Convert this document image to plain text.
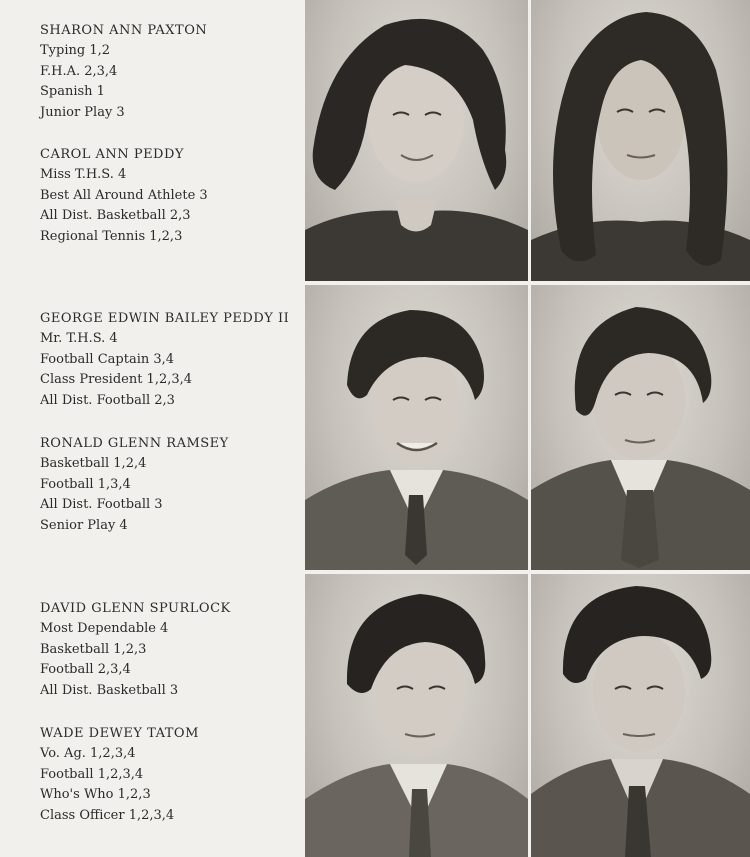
SHARON ANN PAXTON
Typing 1,2
F.H.A. 2,3,4
Spanish 1
Junior Play 3
CAROL ANN PEDDY
Miss T.H.S. 4
Best All Around Athlete 3
All Dist. Basketball 2,3
Regional Tennis 1,2,3
GEORGE EDWIN BAILEY PEDDY II
Mr. T.H.S. 4
Football Captain 3,4
Class President 1,2,3,4
All Dist. Football 2,3
RONALD GLENN RAMSEY
Basketball 1,2,4
Football 1,3,4
All Dist. Football 3
Senior Play 4
DAVID GLENN SPURLOCK
Most Dependable 4
Basketball 1,2,3
Football 2,3,4
All Dist. Basketball 3
WADE DEWEY TATOM
Vo. Ag. 1,2,3,4
Football 1,2,3,4
Who's Who 1,2,3
Class Officer 1,2,3,4
